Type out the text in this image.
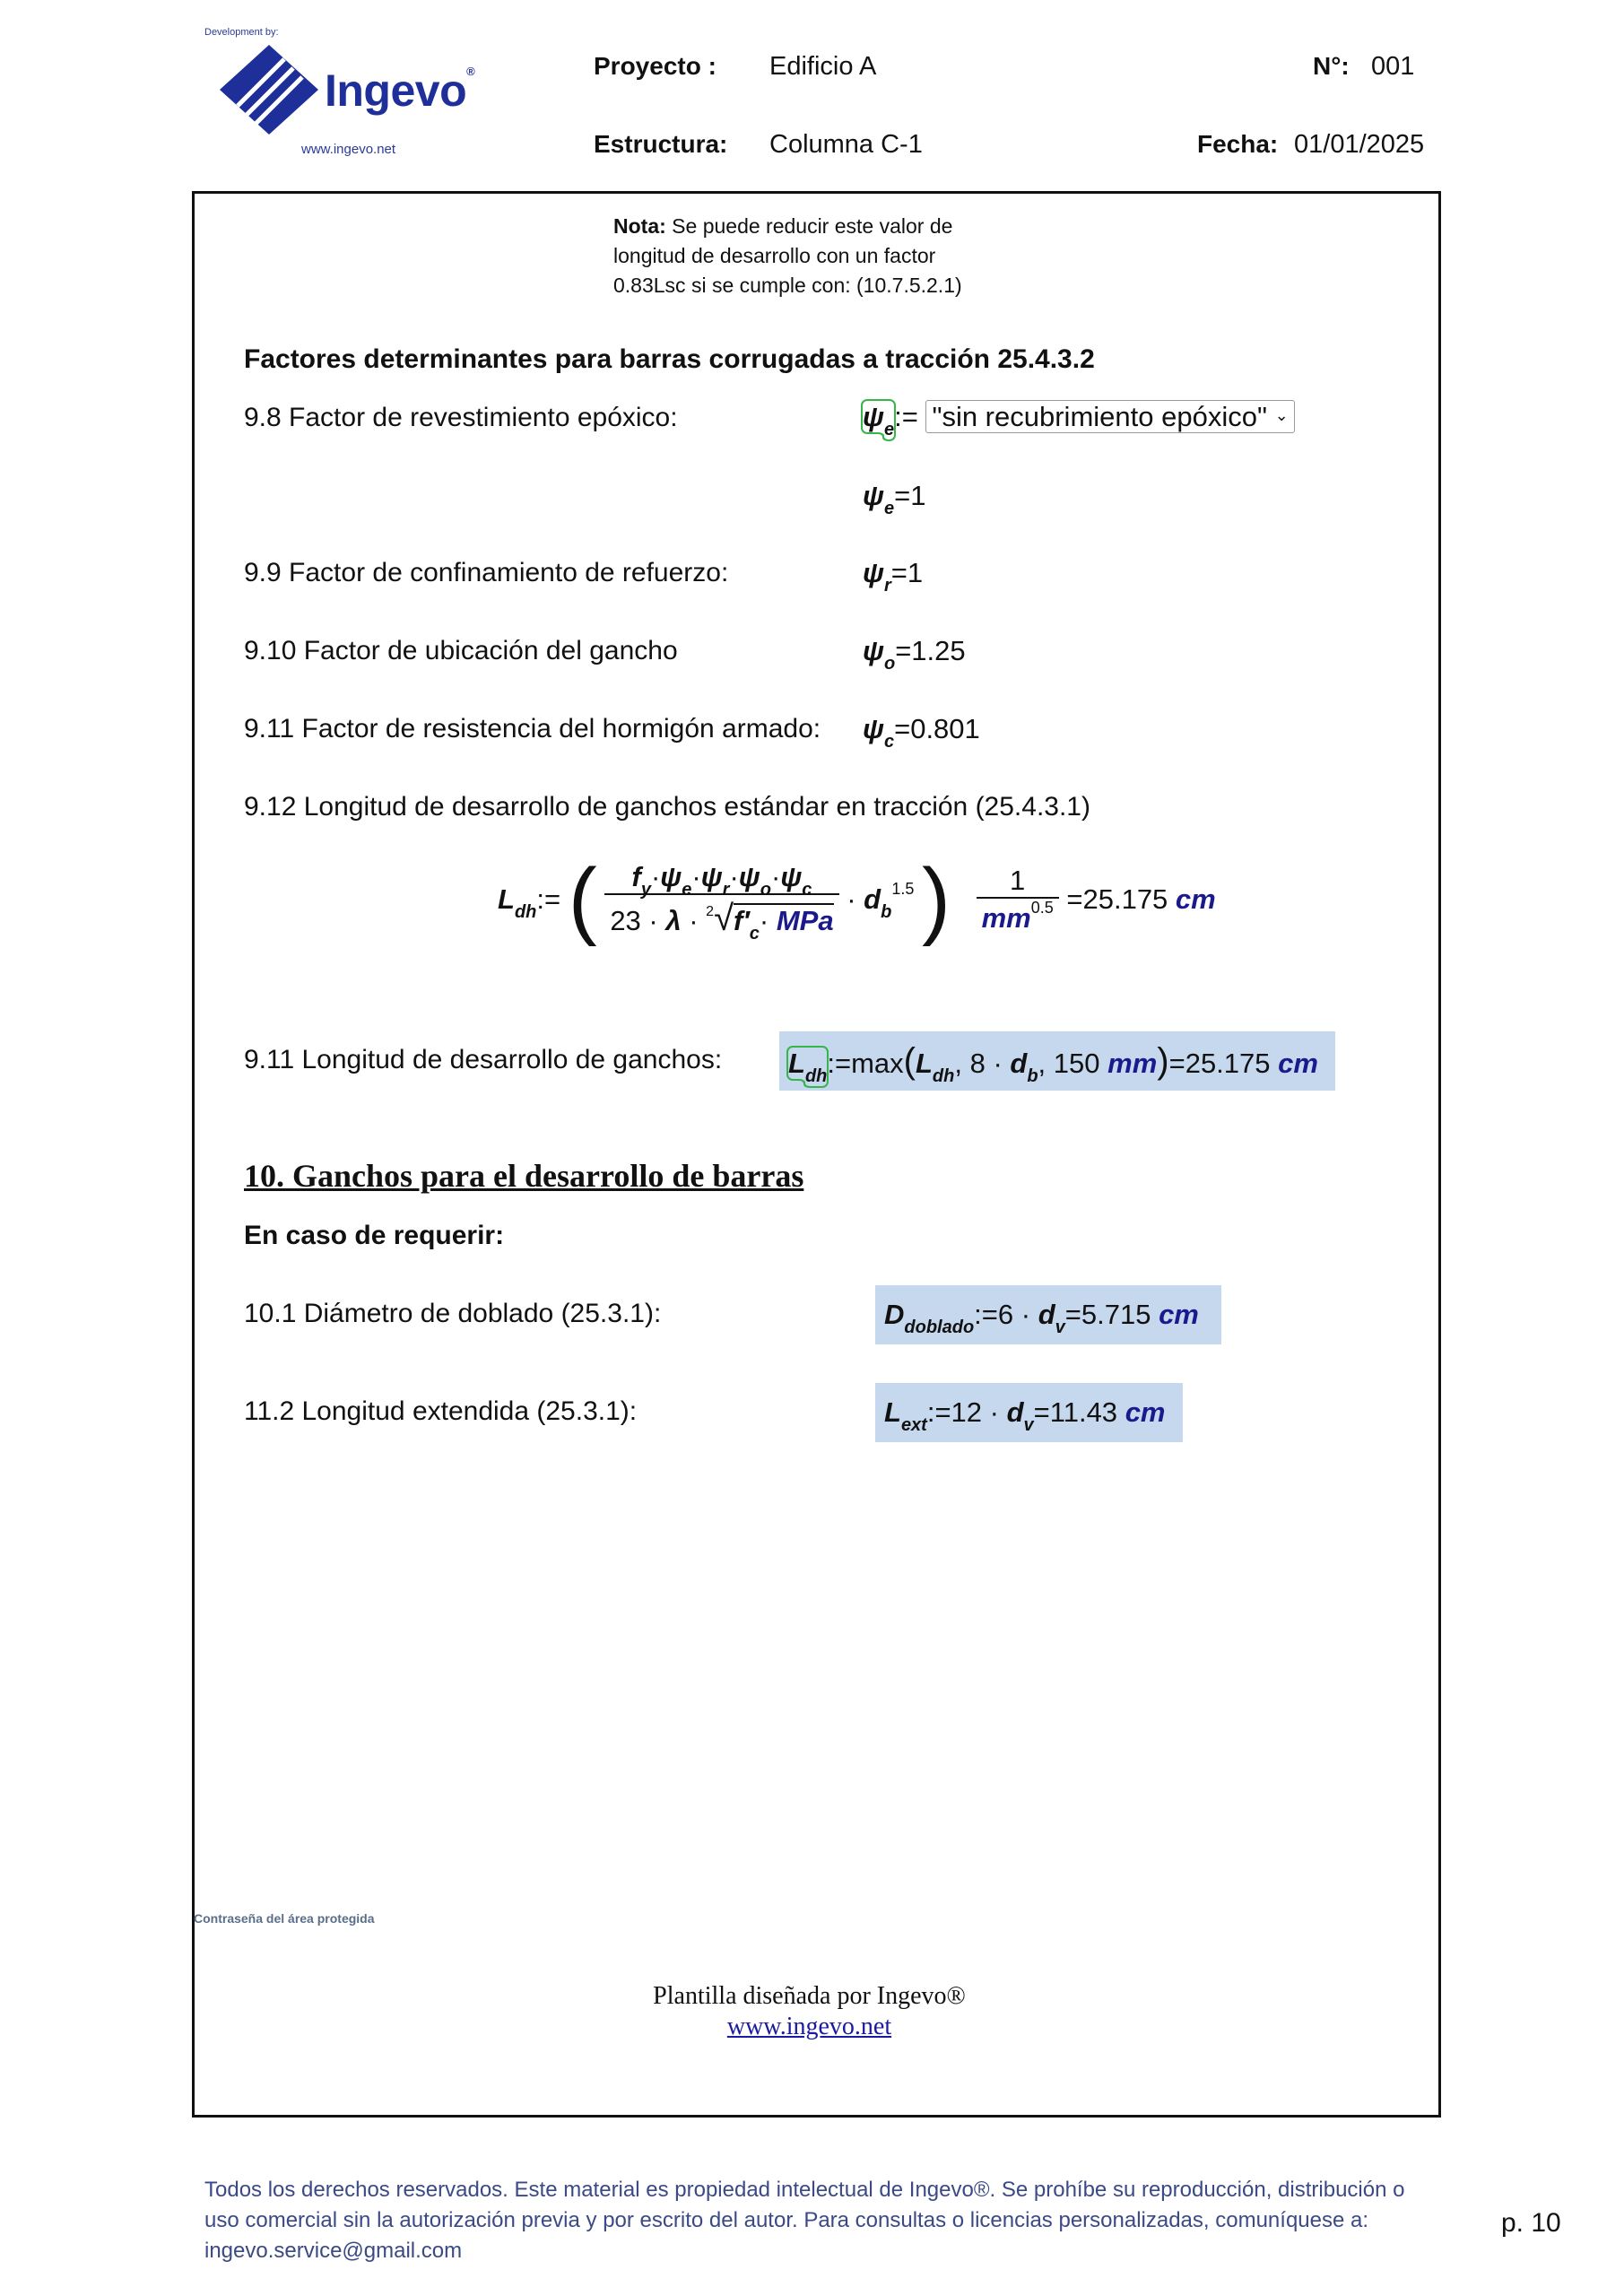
Development by:
Ingevo®
www.ingevo.net
Proyecto : Edificio A	N°: 001
Estructura: Columna C-1	Fecha: 01/01/2025
Nota: Se puede reducir este valor de
longitud de desarrollo con un factor
0.83Lsc si se cumple con: (10.7.5.2.1)
Factores determinantes para barras corrugadas a tracción 25.4.3.2
9.8 Factor de revestimiento epóxico:	$\psi_e:=$ "sin recubrimiento epóxico" ⌄
$\psi_e=1$
9.9 Factor de confinamiento de refuerzo:	$\psi_r=1$
9.10 Factor de ubicación del gancho	$\psi_o=1.25$
9.11 Factor de resistencia del hormigón armado: $\psi_c=0.801$
9.12 Longitud de desarrollo de ganchos estándar en tracción (25.4.3.1)
$L_{dh}:=$ ( $\frac{f_y\cdot\psi_e\cdot\psi_r\cdot\psi_o\cdot\psi_c}{23 \cdot \lambda \cdot ^2√f'_c\cdot MPa} \cdot d_b^{1.5}$ ) $\frac{1}{mm^{0.5}} =25.175$ cm
9.11 Longitud de desarrollo de ganchos:	$L_{dh}:=\max(L_{dh}$, $8 \cdot d_b$, 150 mm)=25.175 cm
10. Ganchos para el desarrollo de barras
En caso de requerir:
10.1 Diámetro de doblado (25.3.1):	$D_{doblado}:=6 \cdot d_v=5.715$ cm
11.2 Longitud extendida (25.3.1):	$L_{ext}:=12 \cdot d_v=11.43$ cm
Contraseña del área protegida
Plantilla diseñada por Ingevo®
www.ingevo.net
Todos los derechos reservados. Este material es propiedad intelectual de Ingevo®. Se prohíbe su reproducción, distribución o
uso comercial sin la autorización previa y por escrito del autor. Para consultas o licencias personalizadas, comuníquese a:
ingevo.service@gmail.com
p. 10
